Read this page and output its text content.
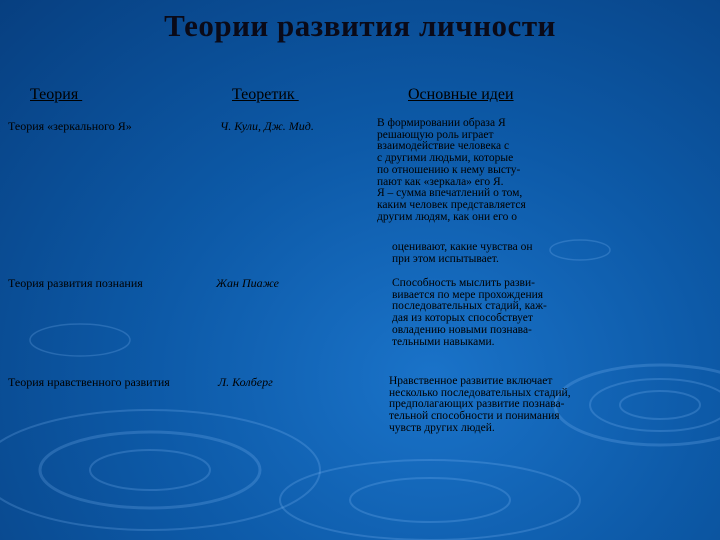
Теории развития личности
Теория	Теоретик	Основные идеи
Теория «зеркального Я»	Ч. Кули, Дж. Мид.	В формировании образа Я
решающую роль играет
взаимодействие человека с
с другими людьми, которые
по отношению к нему высту-
пают как «зеркала» его Я.
Я – сумма впечатлений о том,
каким человек представляется
другим людям, как они его о
оценивают, какие чувства он
при этом испытывает.
Теория развития познания	Жан Пиаже	Способность мыслить разви-
вивается по мере прохождения
последовательных стадий, каж-
дая из которых способствует
овладению новыми познава-
тельными навыками.
Теория нравственного развития	Л. Колберг	Нравственное развитие включает
несколько последовательных стадий,
предполагающих развитие познава-
тельной способности и понимания
чувств других людей.
